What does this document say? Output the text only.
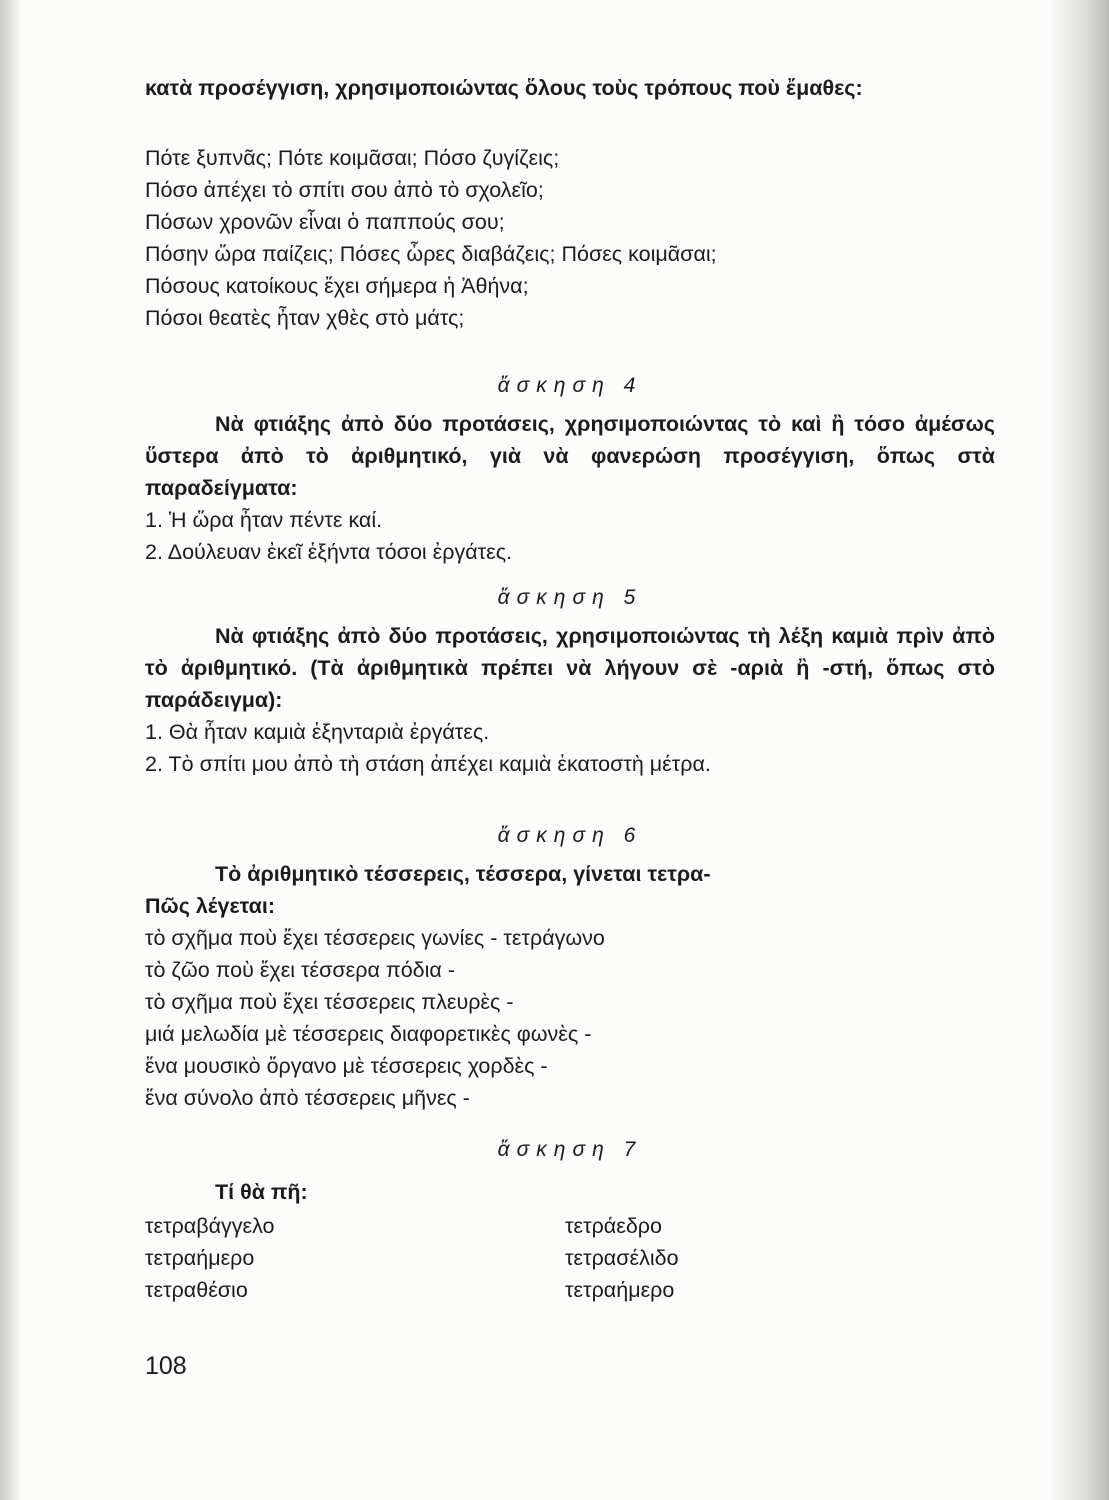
κατὰ προσέγγιση, χρησιμοποιώντας ὅλους τοὺς τρόπους ποὺ ἔμαθες:
Πότε ξυπνᾶς; Πότε κοιμᾶσαι; Πόσο ζυγίζεις;
Πόσο ἀπέχει τὸ σπίτι σου ἀπὸ τὸ σχολεῖο;
Πόσων χρονῶν εἶναι ὁ παππούς σου;
Πόσην ὥρα παίζεις; Πόσες ὧρες διαβάζεις; Πόσες κοιμᾶσαι;
Πόσους κατοίκους ἔχει σήμερα ἡ Ἀθήνα;
Πόσοι θεατὲς ἦταν χθὲς στὸ μάτς;
ἄσκηση 4
Νὰ φτιάξης ἀπὸ δύο προτάσεις, χρησιμοποιώντας τὸ καὶ ἢ τόσο ἀμέσως ὕστερα ἀπὸ τὸ ἀριθμητικό, γιὰ νὰ φανερώση προσέγγιση, ὅπως στὰ παραδείγματα:
1. Ἡ ὥρα ἦταν πέντε καί.
2. Δούλευαν ἐκεῖ ἑξήντα τόσοι ἐργάτες.
ἄσκηση 5
Νὰ φτιάξης ἀπὸ δύο προτάσεις, χρησιμοποιώντας τὴ λέξη καμιὰ πρὶν ἀπὸ τὸ ἀριθμητικό. (Τὰ ἀριθμητικὰ πρέπει νὰ λήγουν σὲ -αριὰ ἢ -στή, ὅπως στὸ παράδειγμα):
1. Θὰ ἦταν καμιὰ ἑξηνταριὰ ἐργάτες.
2. Τὸ σπίτι μου ἀπὸ τὴ στάση ἀπέχει καμιὰ ἑκατοστὴ μέτρα.
ἄσκηση 6
Τὸ ἀριθμητικὸ τέσσερεις, τέσσερα, γίνεται τετρα-
Πῶς λέγεται:
τὸ σχῆμα ποὺ ἔχει τέσσερεις γωνίες - τετράγωνο
τὸ ζῶο ποὺ ἔχει τέσσερα πόδια -
τὸ σχῆμα ποὺ ἔχει τέσσερεις πλευρὲς -
μιά μελωδία μὲ τέσσερεις διαφορετικὲς φωνὲς -
ἕνα μουσικὸ ὄργανο μὲ τέσσερεις χορδὲς -
ἕνα σύνολο ἀπὸ τέσσερεις μῆνες -
ἄσκηση 7
Τί θὰ πῆ:
τετραβάγγελο
τετραήμερο
τετραθέσιο
τετράεδρο
τετρασέλιδο
τετραήμερο
108
